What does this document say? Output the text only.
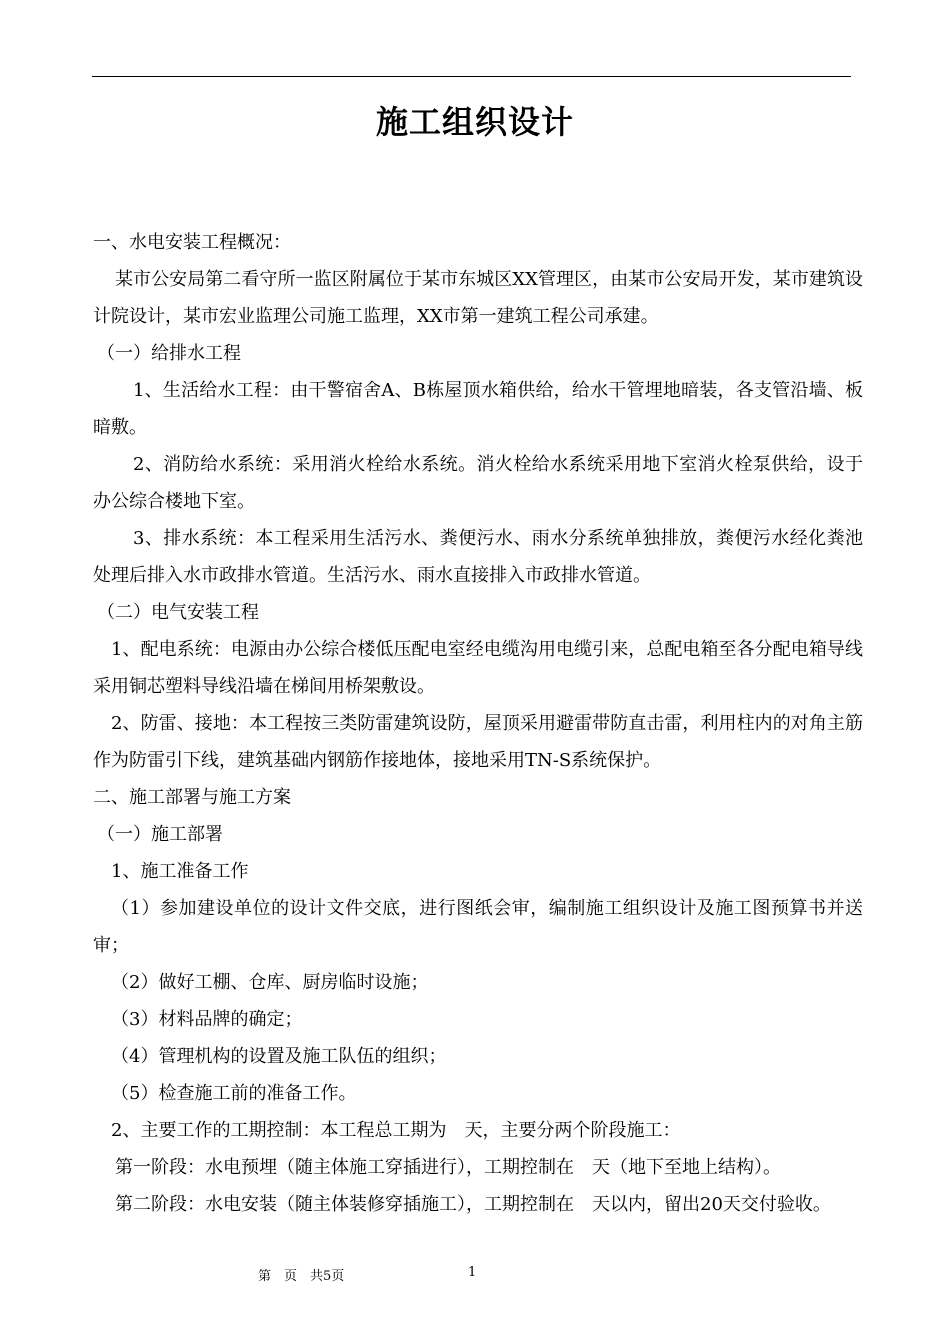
施工组织设计

一、水电安装工程概况：

某市公安局第二看守所一监区附属位于某市东城区XX管理区，由某市公安局开发，某市建筑设计院设计，某市宏业监理公司施工监理，XX市第一建筑工程公司承建。

（一）给排水工程

1、生活给水工程：由干警宿舍A、B栋屋顶水箱供给，给水干管埋地暗装，各支管沿墙、板暗敷。

2、消防给水系统：采用消火栓给水系统。消火栓给水系统采用地下室消火栓泵供给，设于办公综合楼地下室。

3、排水系统：本工程采用生活污水、粪便污水、雨水分系统单独排放，粪便污水经化粪池处理后排入水市政排水管道。生活污水、雨水直接排入市政排水管道。

（二）电气安装工程

1、配电系统：电源由办公综合楼低压配电室经电缆沟用电缆引来，总配电箱至各分配电箱导线采用铜芯塑料导线沿墙在梯间用桥架敷设。

2、防雷、接地：本工程按三类防雷建筑设防，屋顶采用避雷带防直击雷，利用柱内的对角主筋作为防雷引下线，建筑基础内钢筋作接地体，接地采用TN-S系统保护。

二、施工部署与施工方案

（一）施工部署

1、施工准备工作

（1）参加建设单位的设计文件交底，进行图纸会审，编制施工组织设计及施工图预算书并送审；

（2）做好工棚、仓库、厨房临时设施；

（3）材料品牌的确定；

（4）管理机构的设置及施工队伍的组织；

（5）检查施工前的准备工作。

2、主要工作的工期控制：本工程总工期为　天，主要分两个阶段施工：

第一阶段：水电预埋（随主体施工穿插进行），工期控制在　天（地下至地上结构）。

第二阶段：水电安装（随主体装修穿插施工），工期控制在　天以内，留出20天交付验收。

第　页　共5页	1
